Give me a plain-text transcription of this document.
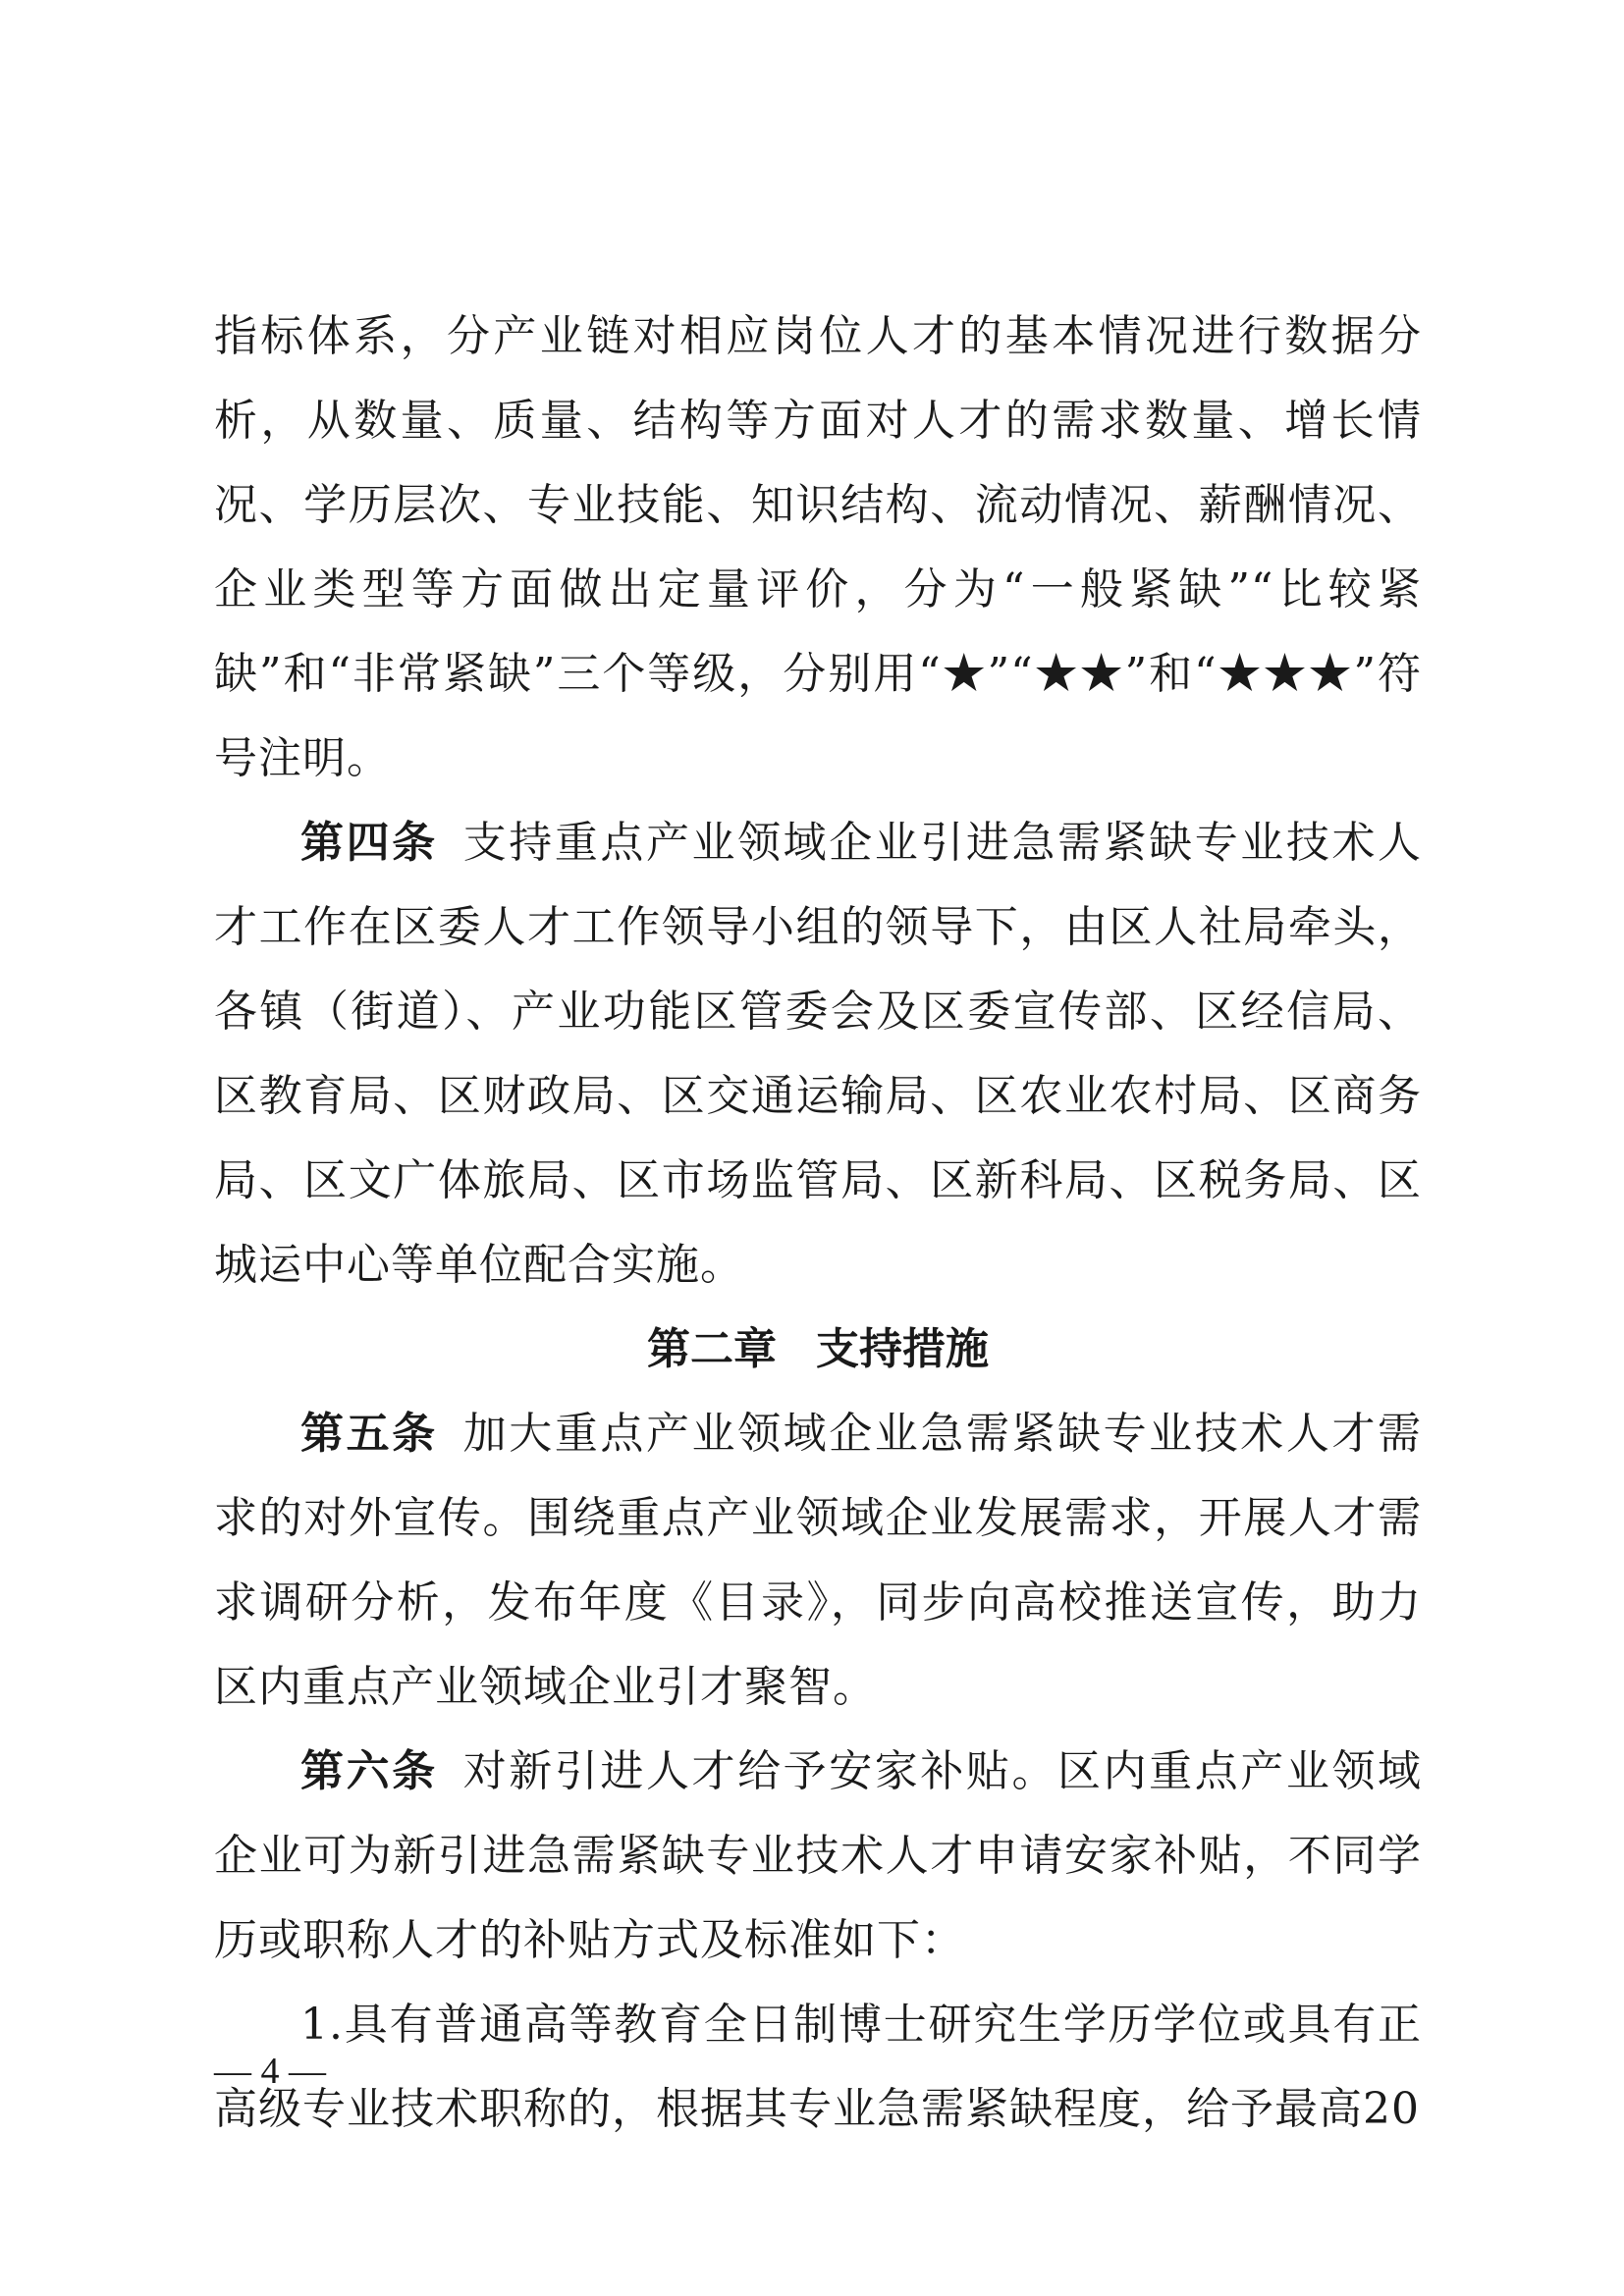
指标体系，分产业链对相应岗位人才的基本情况进行数据分析，从数量、质量、结构等方面对人才的需求数量、增长情况、学历层次、专业技能、知识结构、流动情况、薪酬情况、企业类型等方面做出定量评价，分为“一般紧缺”“比较紧缺”和“非常紧缺”三个等级，分别用“★”“★★”和“★★★”符号注明。

第四条 支持重点产业领域企业引进急需紧缺专业技术人才工作在区委人才工作领导小组的领导下，由区人社局牵头，各镇（街道）、产业功能区管委会及区委宣传部、区经信局、区教育局、区财政局、区交通运输局、区农业农村局、区商务局、区文广体旅局、区市场监管局、区新科局、区税务局、区城运中心等单位配合实施。

第二章 支持措施

第五条 加大重点产业领域企业急需紧缺专业技术人才需求的对外宣传。围绕重点产业领域企业发展需求，开展人才需求调研分析，发布年度《目录》，同步向高校推送宣传，助力区内重点产业领域企业引才聚智。

第六条 对新引进人才给予安家补贴。区内重点产业领域企业可为新引进急需紧缺专业技术人才申请安家补贴，不同学历或职称人才的补贴方式及标准如下：

1.具有普通高等教育全日制博士研究生学历学位或具有正高级专业技术职称的，根据其专业急需紧缺程度，给予最高20

— 4 —
